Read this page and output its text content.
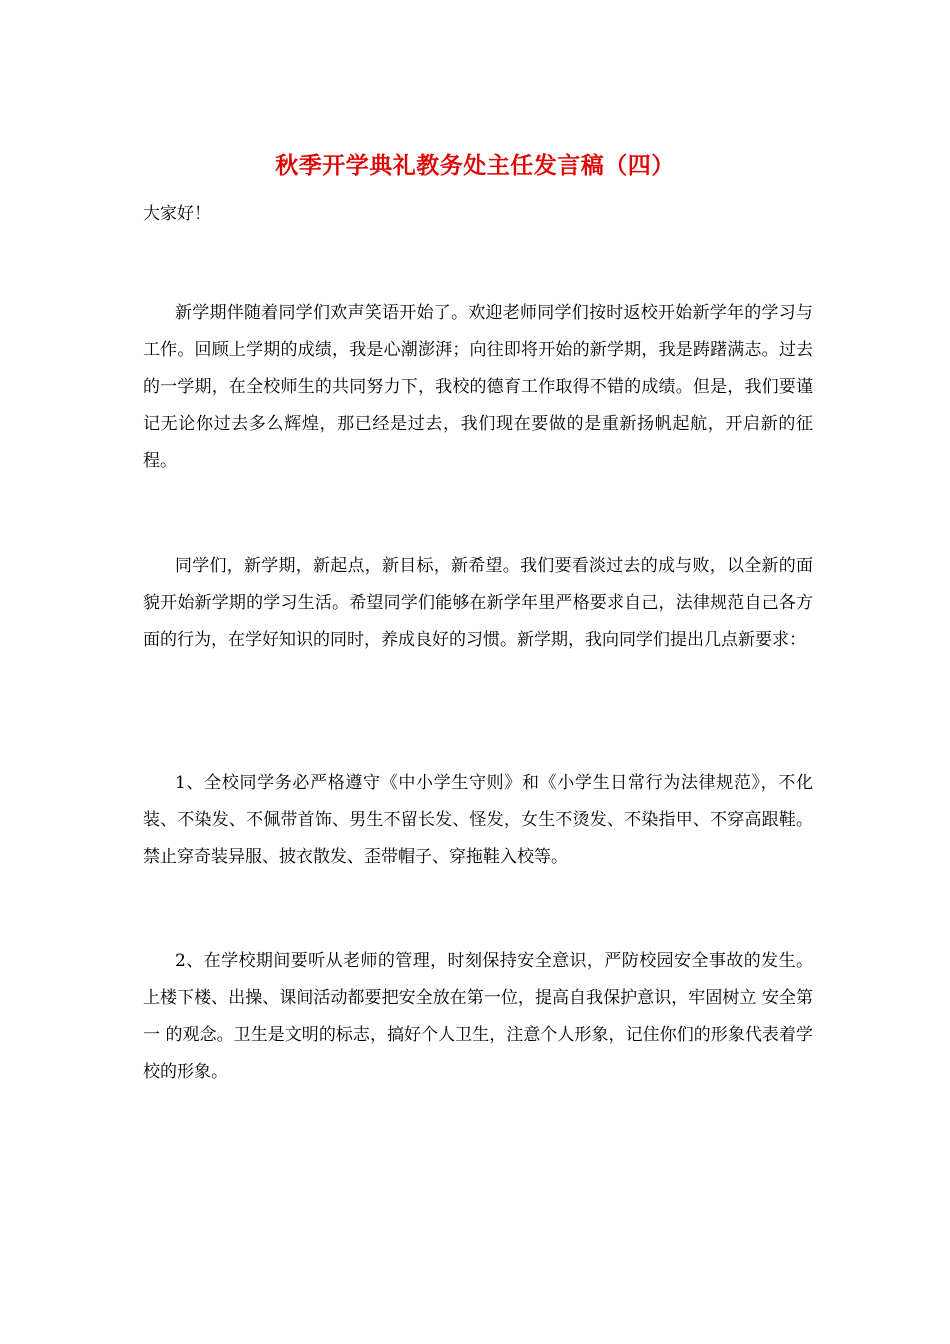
秋季开学典礼教务处主任发言稿（四）
大家好！

新学期伴随着同学们欢声笑语开始了。欢迎老师同学们按时返校开始新学年的学习与工作。回顾上学期的成绩，我是心潮澎湃；向往即将开始的新学期，我是踌躇满志。过去的一学期，在全校师生的共同努力下，我校的德育工作取得不错的成绩。但是，我们要谨记无论你过去多么辉煌，那已经是过去，我们现在要做的是重新扬帆起航，开启新的征程。

同学们，新学期，新起点，新目标，新希望。我们要看淡过去的成与败，以全新的面貌开始新学期的学习生活。希望同学们能够在新学年里严格要求自己，法律规范自己各方面的行为，在学好知识的同时，养成良好的习惯。新学期，我向同学们提出几点新要求：

1、全校同学务必严格遵守《中小学生守则》和《小学生日常行为法律规范》，不化装、不染发、不佩带首饰、男生不留长发、怪发，女生不烫发、不染指甲、不穿高跟鞋。禁止穿奇装异服、披衣散发、歪带帽子、穿拖鞋入校等。

2、在学校期间要听从老师的管理，时刻保持安全意识，严防校园安全事故的发生。上楼下楼、出操、课间活动都要把安全放在第一位，提高自我保护意识，牢固树立 安全第一 的观念。卫生是文明的标志，搞好个人卫生，注意个人形象，记住你们的形象代表着学校的形象。
